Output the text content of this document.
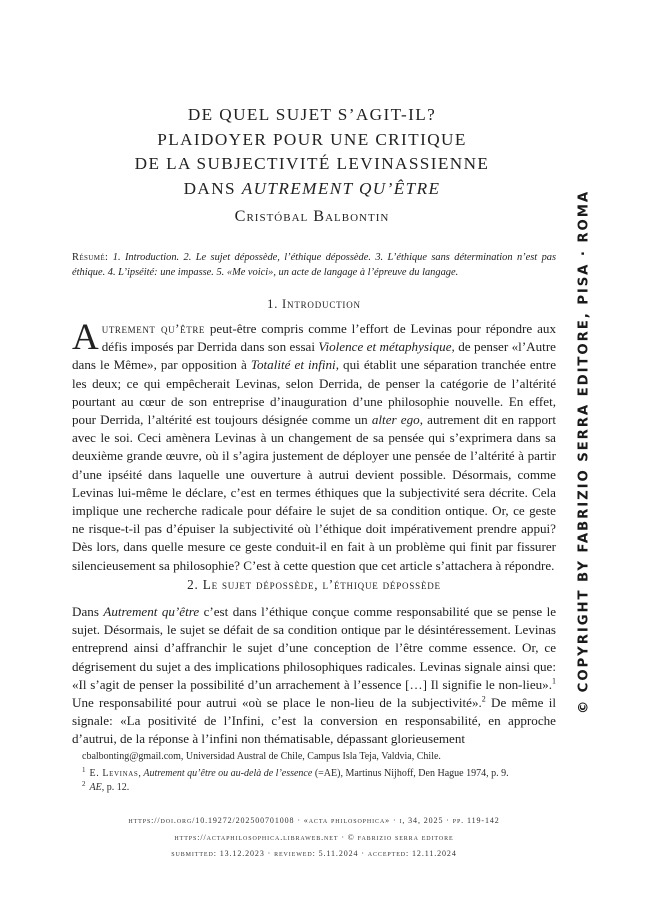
DE QUEL SUJET S’AGIT-IL?
PLAIDOYER POUR UNE CRITIQUE
DE LA SUBJECTIVITÉ LEVINASSIENNE
DANS AUTREMENT QU’ÊTRE
Cristóbal Balbontin
Résumé: 1. Introduction. 2. Le sujet dépossède, l’éthique dépossède. 3. L’éthique sans détermination n’est pas éthique. 4. L’ipséité: une impasse. 5. «Me voici», un acte de langage à l’épreuve du langage.
1. Introduction
Autrement qu’être peut-être compris comme l’effort de Levinas pour répondre aux défis imposés par Derrida dans son essai Violence et métaphysique, de penser «l’Autre dans le Même», par opposition à Totalité et infini, qui établit une séparation tranchée entre les deux; ce qui empêcherait Levinas, selon Derrida, de penser la catégorie de l’altérité pourtant au cœur de son entreprise d’inauguration d’une philosophie nouvelle. En effet, pour Derrida, l’altérité est toujours désignée comme un alter ego, autrement dit en rapport avec le soi. Ceci amènera Levinas à un changement de sa pensée qui s’exprimera dans sa deuxième grande œuvre, où il s’agira justement de déployer une pensée de l’altérité à partir d’une ipséité dans laquelle une ouverture à autrui devient possible. Désormais, comme Levinas lui-même le déclare, c’est en termes éthiques que la subjectivité sera décrite. Cela implique une recherche radicale pour défaire le sujet de sa condition ontique. Or, ce geste ne risque-t-il pas d’épuiser la subjectivité où l’éthique doit impérativement prendre appui? Dès lors, dans quelle mesure ce geste conduit-il en fait à un problème qui finit par fissurer silencieusement sa philosophie? C’est à cette question que cet article s’attachera à répondre.
2. Le sujet dépossède, l’éthique dépossède
Dans Autrement qu’être c’est dans l’éthique conçue comme responsabilité que se pense le sujet. Désormais, le sujet se défait de sa condition ontique par le désintéressement. Levinas entreprend ainsi d’affranchir le sujet d’une conception de l’être comme essence. Or, ce dégrisement du sujet a des implications philosophiques radicales. Levinas signale ainsi que: «Il s’agit de penser la possibilité d’un arrachement à l’essence […] Il signifie le non-lieu».$^1$ Une responsabilité pour autrui «où se place le non-lieu de la subjectivité».$^2$ De même il signale: «La positivité de l’Infini, c’est la conversion en responsabilité, en approche d’autrui, de la réponse à l’infini non thématisable, dépassant glorieusement
cbalbonting@gmail.com, Universidad Austral de Chile, Campus Isla Teja, Valdvia, Chile.
$^1$ E. Levinas, Autrement qu’être ou au-delà de l’essence (=AE), Martinus Nijhoff, Den Hague 1974, p. 9.
$^2$ AE, p. 12.
https://doi.org/10.19272/202500701008 · «acta philosophica» · i, 34, 2025 · pp. 119-142
https://actaphilosophica.libraweb.net · © fabrizio serra editore
submitted: 13.12.2023 · reviewed: 5.11.2024 · accepted: 12.11.2024
© COPYRIGHT BY FABRIZIO SERRA EDITORE, PISA · ROMA
